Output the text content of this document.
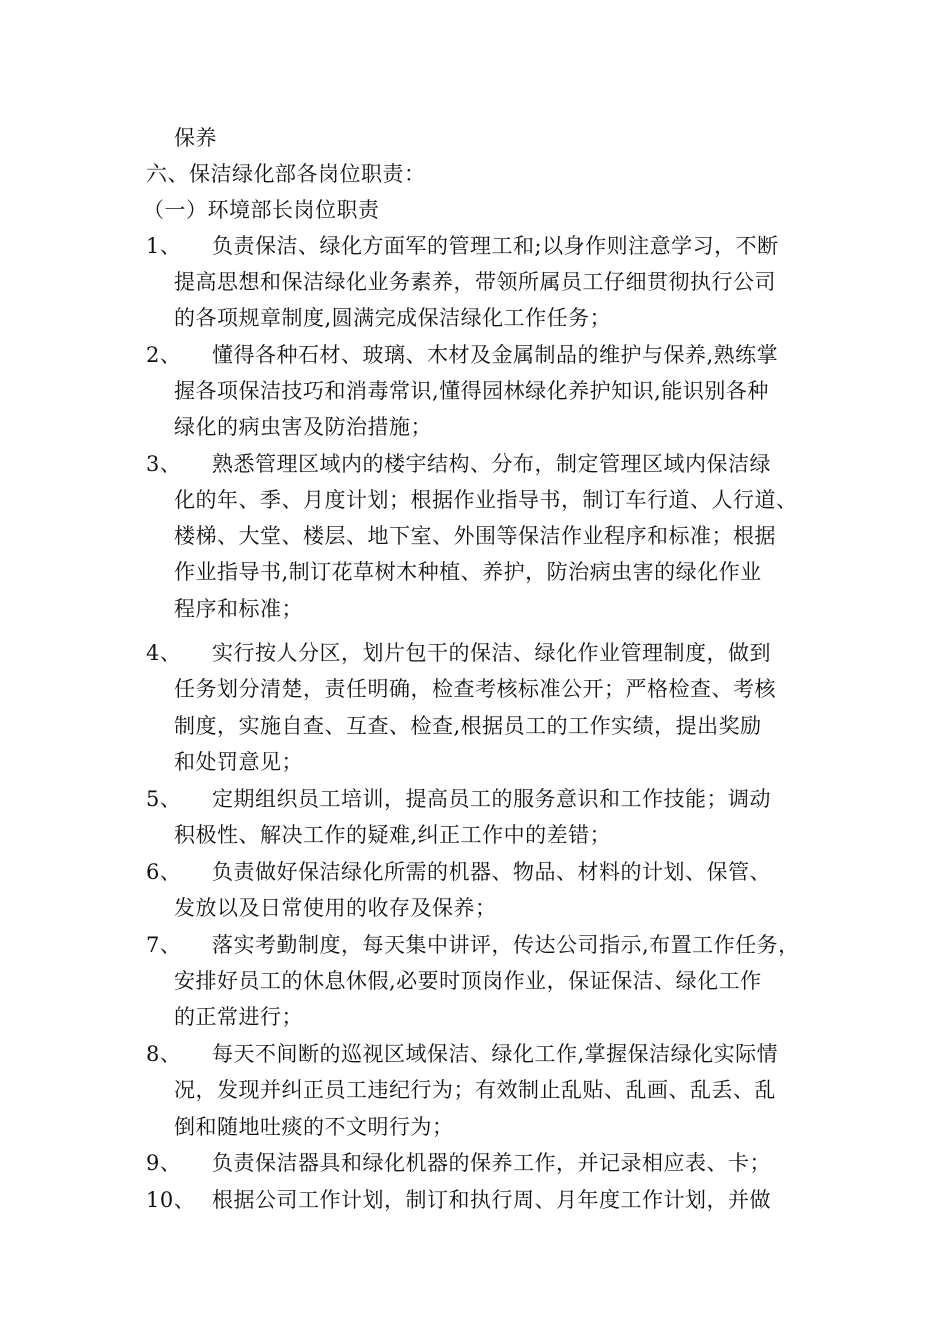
保养
六、保洁绿化部各岗位职责：
（一）环境部长岗位职责
1、 负责保洁、绿化方面军的管理工和;以身作则注意学习，不断
提高思想和保洁绿化业务素养，带领所属员工仔细贯彻执行公司
的各项规章制度,圆满完成保洁绿化工作任务；
2、 懂得各种石材、玻璃、木材及金属制品的维护与保养,熟练掌
握各项保洁技巧和消毒常识,懂得园林绿化养护知识,能识别各种
绿化的病虫害及防治措施；
3、 熟悉管理区域内的楼宇结构、分布，制定管理区域内保洁绿
化的年、季、月度计划；根据作业指导书，制订车行道、人行道、
楼梯、大堂、楼层、地下室、外围等保洁作业程序和标准；根据
作业指导书,制订花草树木种植、养护，防治病虫害的绿化作业
程序和标准；
4、 实行按人分区，划片包干的保洁、绿化作业管理制度，做到
任务划分清楚，责任明确，检查考核标准公开；严格检查、考核
制度，实施自查、互查、检查,根据员工的工作实绩，提出奖励
和处罚意见；
5、 定期组织员工培训，提高员工的服务意识和工作技能；调动
积极性、解决工作的疑难,纠正工作中的差错；
6、 负责做好保洁绿化所需的机器、物品、材料的计划、保管、
发放以及日常使用的收存及保养；
7、 落实考勤制度，每天集中讲评，传达公司指示,布置工作任务，
安排好员工的休息休假,必要时顶岗作业，保证保洁、绿化工作
的正常进行；
8、 每天不间断的巡视区域保洁、绿化工作,掌握保洁绿化实际情
况，发现并纠正员工违纪行为；有效制止乱贴、乱画、乱丢、乱
倒和随地吐痰的不文明行为；
9、 负责保洁器具和绿化机器的保养工作，并记录相应表、卡；
10、 根据公司工作计划，制订和执行周、月年度工作计划，并做
